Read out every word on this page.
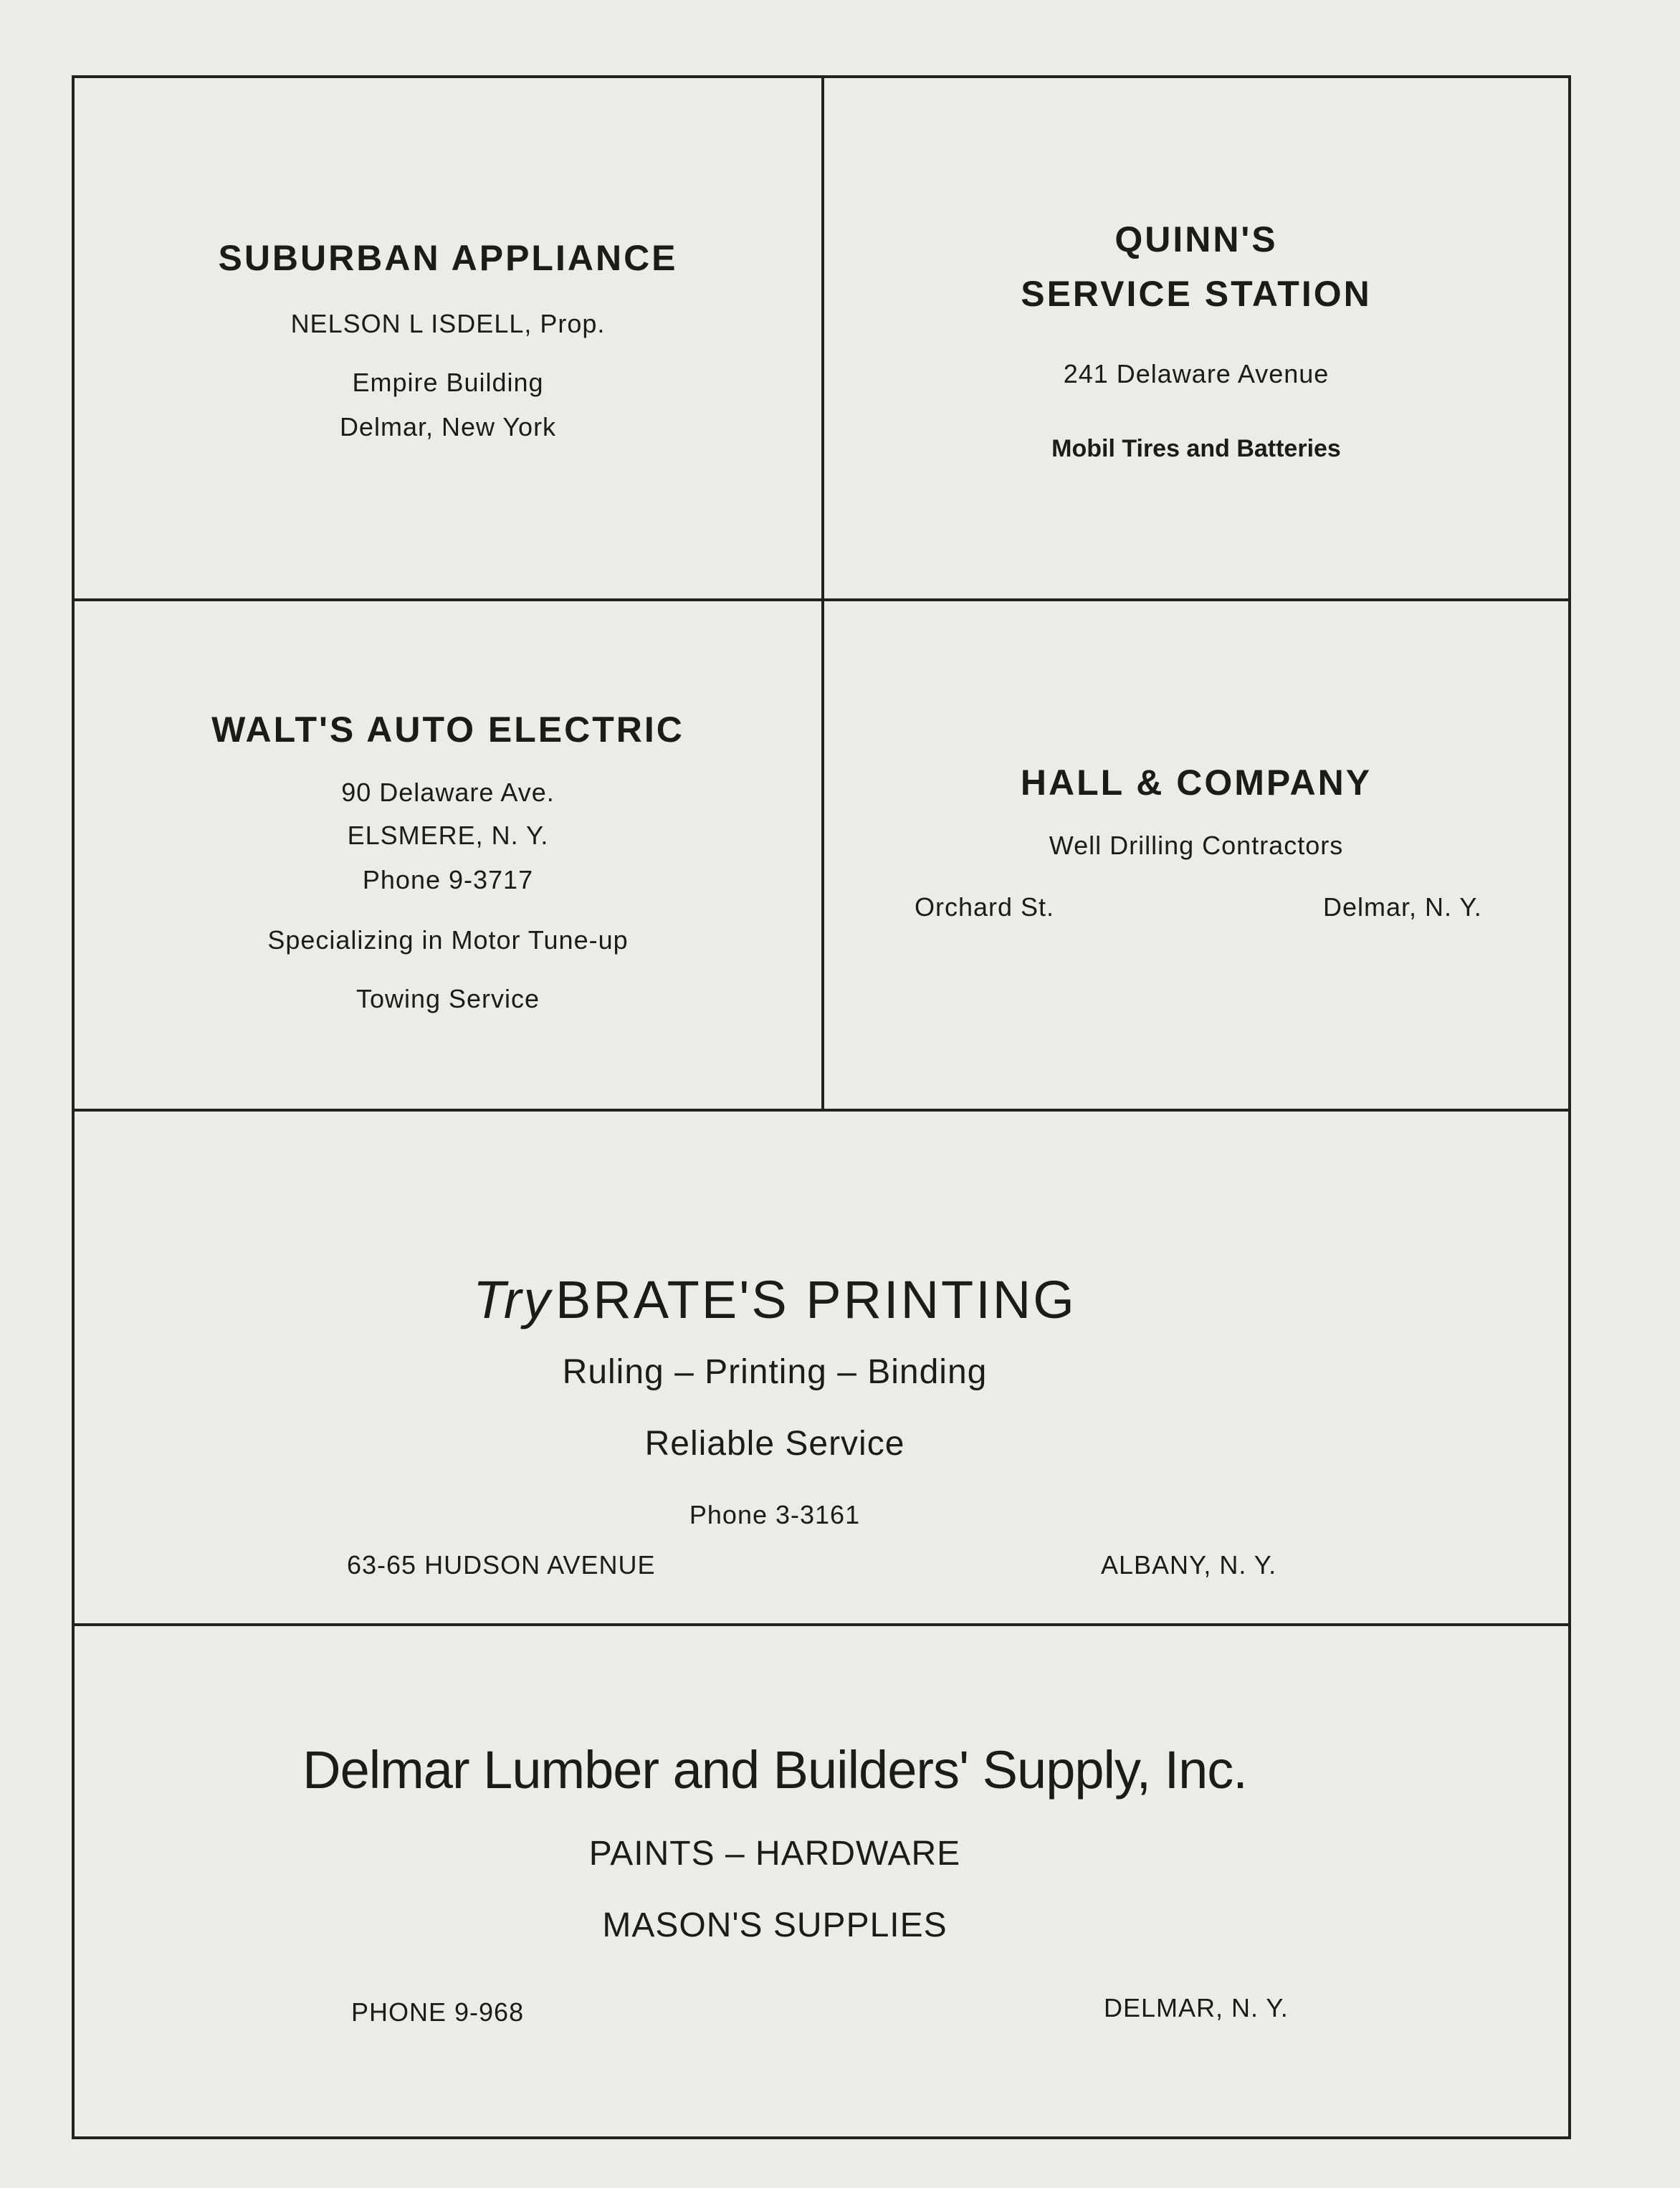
SUBURBAN APPLIANCE
NELSON L ISDELL, Prop.
Empire Building
Delmar, New York
QUINN'S
SERVICE STATION
241 Delaware Avenue
Mobil Tires and Batteries
WALT'S AUTO ELECTRIC
90 Delaware Ave.
ELSMERE, N. Y.
Phone 9-3717
Specializing in Motor Tune-up
Towing Service
HALL & COMPANY
Well Drilling Contractors
Orchard St.	Delmar, N. Y.
Try BRATE'S PRINTING
Ruling – Printing – Binding
Reliable Service
Phone 3-3161
63-65 HUDSON AVENUE	ALBANY, N. Y.
Delmar Lumber and Builders' Supply, Inc.
PAINTS – HARDWARE
MASON'S SUPPLIES
PHONE 9-968	DELMAR, N. Y.
